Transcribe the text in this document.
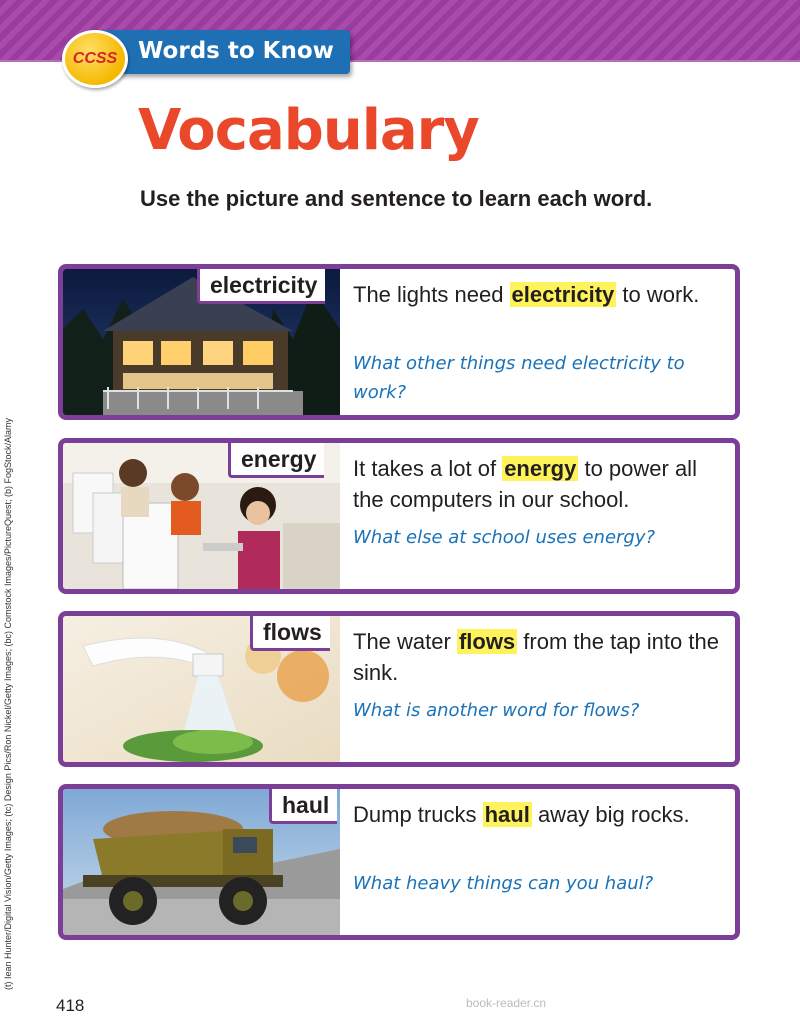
Words to Know
CCSS
Vocabulary
Use the picture and sentence to learn each word.
electricity	The lights need electricity to work.
What other things need electricity to work?
energy	It takes a lot of energy to power all the computers in our school.
What else at school uses energy?
flows	The water flows from the tap into the sink.
What is another word for flows?
haul	Dump trucks haul away big rocks.
What heavy things can you haul?
(t) Iean Hunter/Digital Vision/Getty Images; (tc) Design Pics/Ron Nickel/Getty Images; (bc) Comstock Images/PictureQuest; (b) FogStock/Alamy
418	book-reader.cn
